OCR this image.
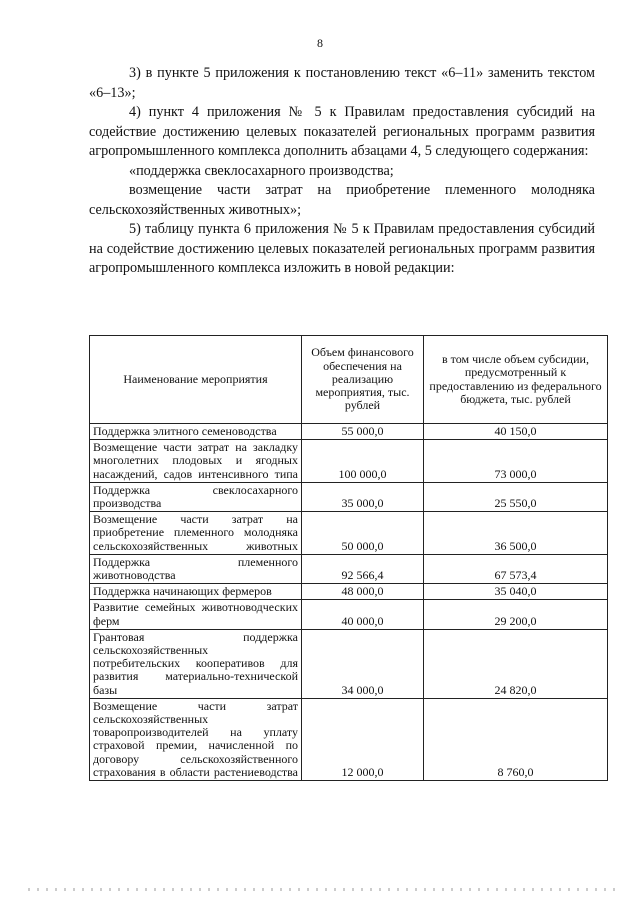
8

3) в пункте 5 приложения к постановлению текст «6–11» заменить текстом «6–13»;

4) пункт 4 приложения № 5 к Правилам предоставления субсидий на содействие достижению целевых показателей региональных программ развития агропромышленного комплекса дополнить абзацами 4, 5 следующего содержания:

«поддержка свеклосахарного производства;

возмещение части затрат на приобретение племенного молодняка сельскохозяйственных животных»;

5) таблицу пункта 6 приложения № 5 к Правилам предоставления субсидий на содействие достижению целевых показателей региональных программ развития агропромышленного комплекса изложить в новой редакции:

Наименование мероприятия	Объем финансового обеспечения на реализацию мероприятия, тыс. рублей	в том числе объем субсидии, предусмотренный к предоставлению из федерального бюджета, тыс. рублей
Поддержка элитного семеноводства	55 000,0	40 150,0
Возмещение части затрат на закладку многолетних плодовых и ягодных насаждений, садов интенсивного типа	100 000,0	73 000,0
Поддержка свеклосахарного производства	35 000,0	25 550,0
Возмещение части затрат на приобретение племенного молодняка сельскохозяйственных животных	50 000,0	36 500,0
Поддержка племенного животноводства	92 566,4	67 573,4
Поддержка начинающих фермеров	48 000,0	35 040,0
Развитие семейных животноводческих ферм	40 000,0	29 200,0
Грантовая поддержка сельскохозяйственных потребительских кооперативов для развития материально-технической базы	34 000,0	24 820,0
Возмещение части затрат сельскохозяйственных товаропроизводителей на уплату страховой премии, начисленной по договору сельскохозяйственного страхования в области растениеводства	12 000,0	8 760,0
